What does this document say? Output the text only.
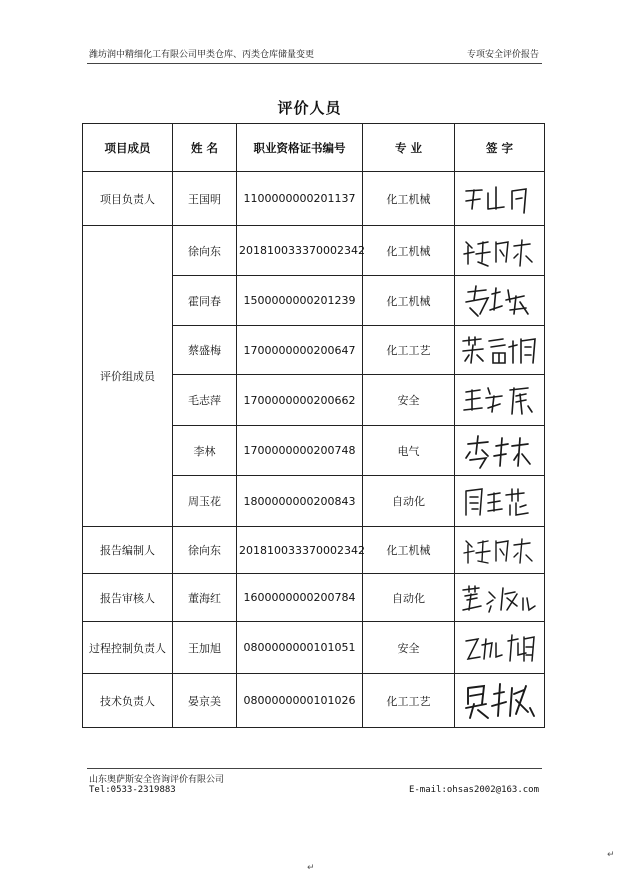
潍坊润中精细化工有限公司甲类仓库、丙类仓库储量变更	专项安全评价报告
评价人员
项目成员	姓 名	职业资格证书编号	专 业	签 字
项目负责人	王国明	1100000000201137	化工机械	

评价组成员	徐向东	201810033370002342	化工机械	

	霍同春	1500000000201239	化工机械	

	蔡盛梅	1700000000200647	化工工艺	

	毛志萍	1700000000200662	安全	

	李林	1700000000200748	电气	

	周玉花	1800000000200843	自动化	

报告编制人	徐向东	201810033370002342	化工机械	

报告审核人	董海红	1600000000200784	自动化	

过程控制负责人	王加旭	0800000000101051	安全	

技术负责人	晏京美	0800000000101026	化工工艺	
山东奥萨斯安全咨询评价有限公司
Tel:0533-2319883	E-mail:ohsas2002@163.com
↵
↵
